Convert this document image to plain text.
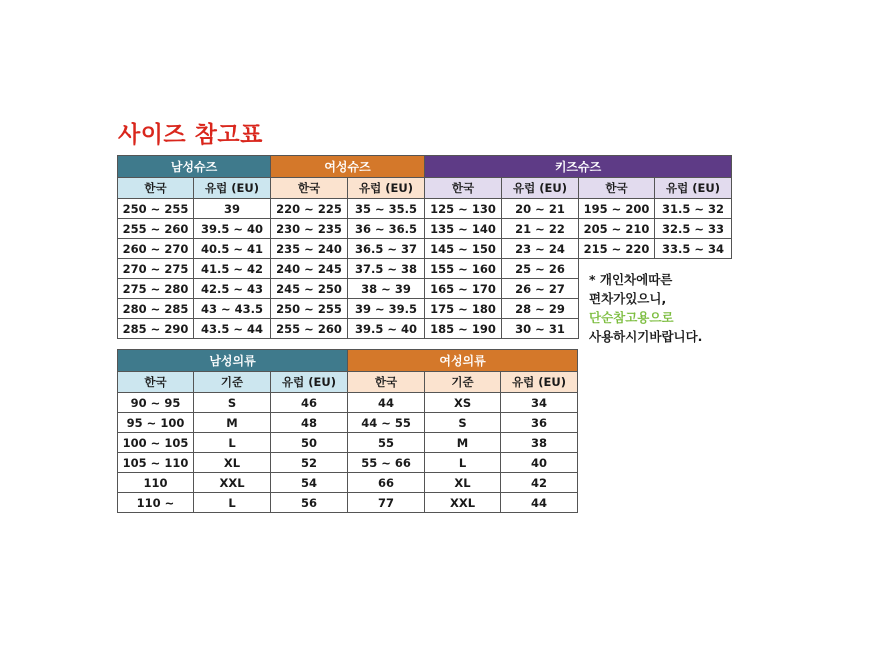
사이즈 참고표
남성슈즈		여성슈즈		키즈슈즈			
한국	유럽 (EU)	한국	유럽 (EU)	한국	유럽 (EU)	한국	유럽 (EU)
250 ~ 255	39	220 ~ 225	35 ~ 35.5	125 ~ 130	20 ~ 21	195 ~ 200	31.5 ~ 32
255 ~ 260	39.5 ~ 40	230 ~ 235	36 ~ 36.5	135 ~ 140	21 ~ 22	205 ~ 210	32.5 ~ 33
260 ~ 270	40.5 ~ 41	235 ~ 240	36.5 ~ 37	145 ~ 150	23 ~ 24	215 ~ 220	33.5 ~ 34
270 ~ 275	41.5 ~ 42	240 ~ 245	37.5 ~ 38	155 ~ 160	25 ~ 26		
275 ~ 280	42.5 ~ 43	245 ~ 250	38 ~ 39	165 ~ 170	26 ~ 27		
280 ~ 285	43 ~ 43.5	250 ~ 255	39 ~ 39.5	175 ~ 180	28 ~ 29		
285 ~ 290	43.5 ~ 44	255 ~ 260	39.5 ~ 40	185 ~ 190	30 ~ 31		
* 개인차에따른
편차가있으니,
단순참고용으로
사용하시기바랍니다.
남성의류			여성의류		
한국	기준	유럽 (EU)	한국	기준	유럽 (EU)
90 ~ 95	S	46	44	XS	34
95 ~ 100	M	48	44 ~ 55	S	36
100 ~ 105	L	50	55	M	38
105 ~ 110	XL	52	55 ~ 66	L	40
110	XXL	54	66	XL	42
110 ~	L	56	77	XXL	44
